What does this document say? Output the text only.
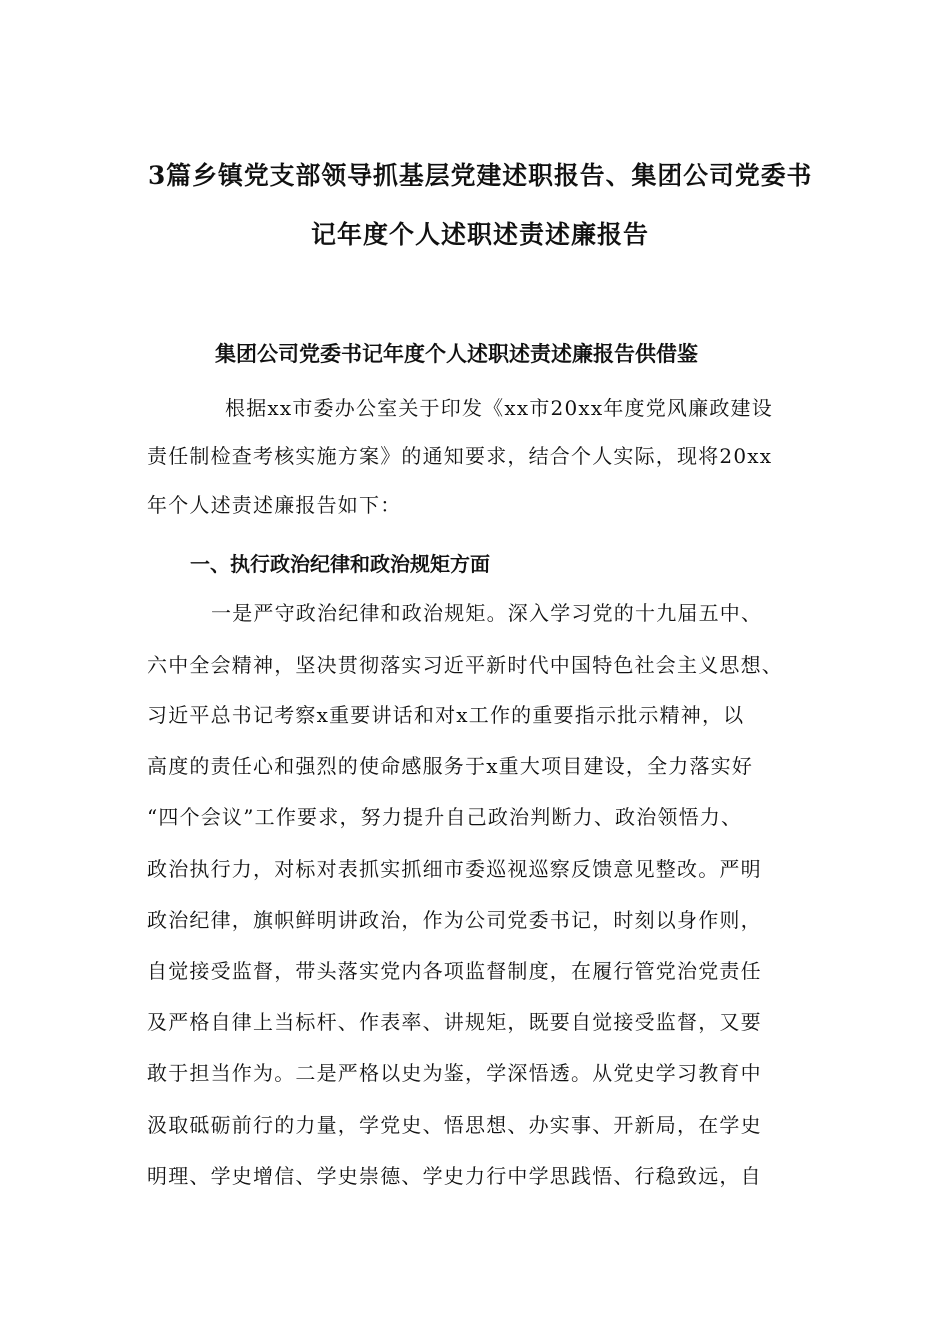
3篇乡镇党支部领导抓基层党建述职报告、集团公司党委书
记年度个人述职述责述廉报告
集团公司党委书记年度个人述职述责述廉报告供借鉴
根据xx市委办公室关于印发《xx市20xx年度党风廉政建设
责任制检查考核实施方案》的通知要求，结合个人实际，现将20xx
年个人述责述廉报告如下：
一、执行政治纪律和政治规矩方面
一是严守政治纪律和政治规矩。深入学习党的十九届五中、
六中全会精神，坚决贯彻落实习近平新时代中国特色社会主义思想、
习近平总书记考察x重要讲话和对x工作的重要指示批示精神，以
高度的责任心和强烈的使命感服务于x重大项目建设，全力落实好
“四个会议”工作要求，努力提升自己政治判断力、政治领悟力、
政治执行力，对标对表抓实抓细市委巡视巡察反馈意见整改。严明
政治纪律，旗帜鲜明讲政治，作为公司党委书记，时刻以身作则，
自觉接受监督，带头落实党内各项监督制度，在履行管党治党责任
及严格自律上当标杆、作表率、讲规矩，既要自觉接受监督，又要
敢于担当作为。二是严格以史为鉴，学深悟透。从党史学习教育中
汲取砥砺前行的力量，学党史、悟思想、办实事、开新局，在学史
明理、学史增信、学史崇德、学史力行中学思践悟、行稳致远，自
